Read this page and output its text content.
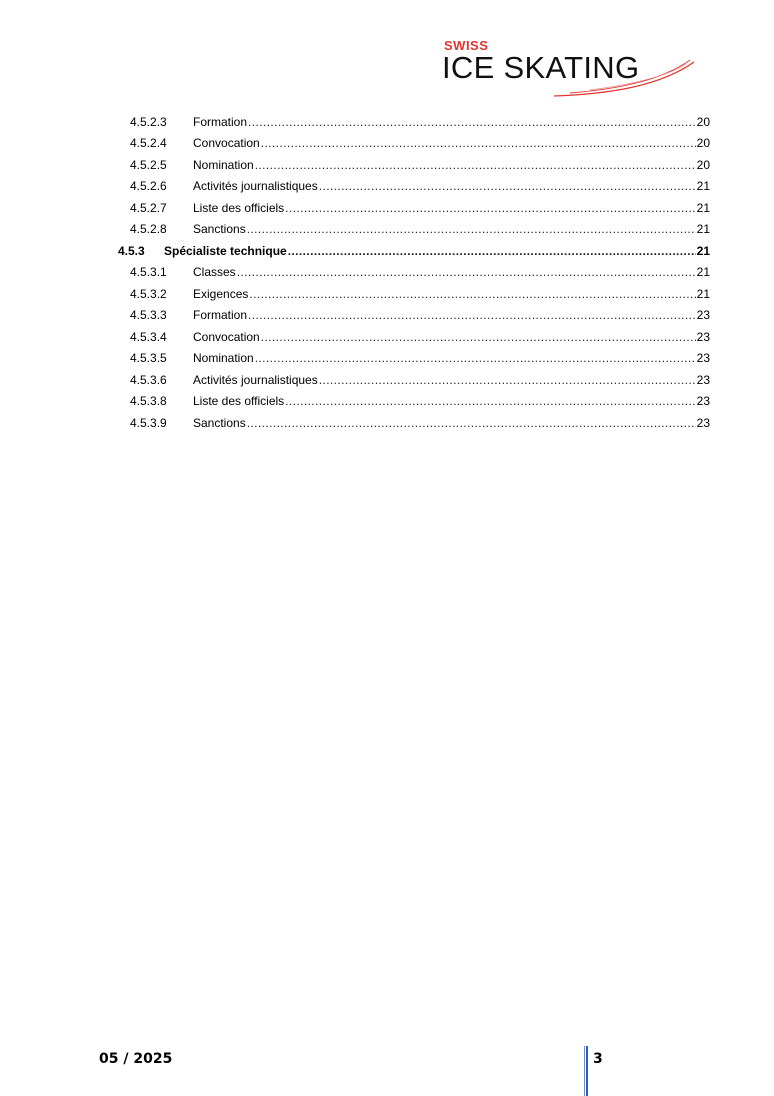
SWISS
ICE SKATING
4.5.2.3	Formation .....	20
4.5.2.4	Convocation .....	20
4.5.2.5	Nomination .....	20
4.5.2.6	Activités journalistiques .....	21
4.5.2.7	Liste des officiels .....	21
4.5.2.8	Sanctions .....	21
4.5.3	Spécialiste technique .....	21
4.5.3.1	Classes .....	21
4.5.3.2	Exigences .....	21
4.5.3.3	Formation .....	23
4.5.3.4	Convocation .....	23
4.5.3.5	Nomination .....	23
4.5.3.6	Activités journalistiques .....	23
4.5.3.8	Liste des officiels .....	23
4.5.3.9	Sanctions .....	23
05 / 2025	3
